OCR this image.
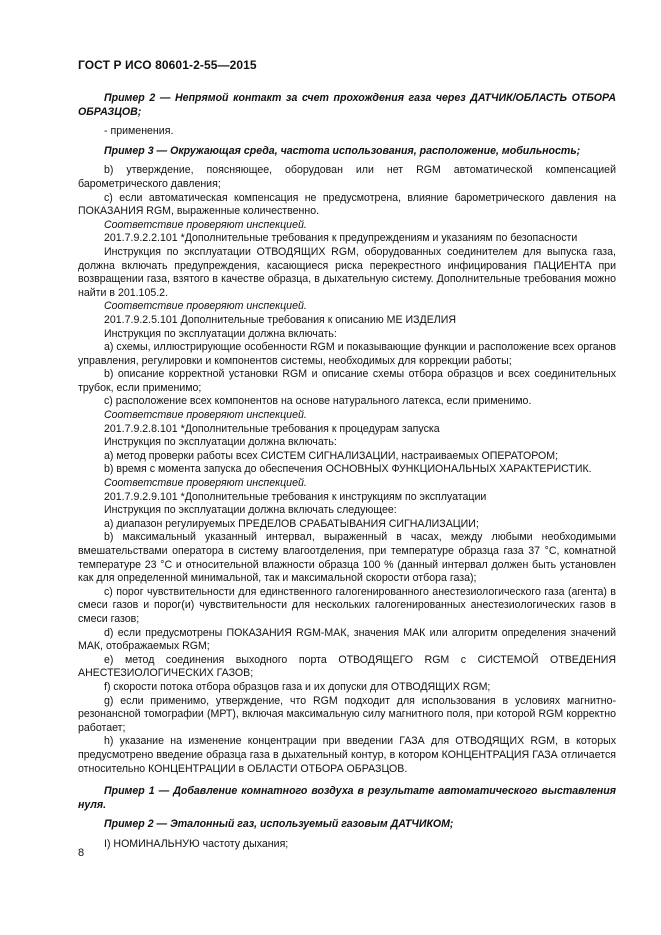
ГОСТ Р ИСО 80601-2-55—2015

Пример 2 — Непрямой контакт за счет прохождения газа через ДАТЧИК/ОБЛАСТЬ ОТБОРА ОБРАЗЦОВ;

- применения.

Пример 3 — Окружающая среда, частота использования, расположение, мобильность;

b) утверждение, поясняющее, оборудован или нет RGM автоматической компенсацией барометрического давления;

c) если автоматическая компенсация не предусмотрена, влияние барометрического давления на ПОКАЗАНИЯ RGM, выраженные количественно.

Соответствие проверяют инспекцией.

201.7.9.2.2.101 *Дополнительные требования к предупреждениям и указаниям по безопасности

Инструкция по эксплуатации ОТВОДЯЩИХ RGM, оборудованных соединителем для выпуска газа, должна включать предупреждения, касающиеся риска перекрестного инфицирования ПАЦИЕНТА при возвращении газа, взятого в качестве образца, в дыхательную систему. Дополнительные требования можно найти в 201.105.2.

Соответствие проверяют инспекцией.

201.7.9.2.5.101 Дополнительные требования к описанию МЕ ИЗДЕЛИЯ

Инструкция по эксплуатации должна включать:

a) схемы, иллюстрирующие особенности RGM и показывающие функции и расположение всех органов управления, регулировки и компонентов системы, необходимых для коррекции работы;

b) описание корректной установки RGM и описание схемы отбора образцов и всех соединительных трубок, если применимо;

c) расположение всех компонентов на основе натурального латекса, если применимо.

Соответствие проверяют инспекцией.

201.7.9.2.8.101 *Дополнительные требования к процедурам запуска

Инструкция по эксплуатации должна включать:

a) метод проверки работы всех СИСТЕМ СИГНАЛИЗАЦИИ, настраиваемых ОПЕРАТОРОМ;

b) время с момента запуска до обеспечения ОСНОВНЫХ ФУНКЦИОНАЛЬНЫХ ХАРАКТЕРИСТИК.

Соответствие проверяют инспекцией.

201.7.9.2.9.101 *Дополнительные требования к инструкциям по эксплуатации

Инструкция по эксплуатации должна включать следующее:

a) диапазон регулируемых ПРЕДЕЛОВ СРАБАТЫВАНИЯ СИГНАЛИЗАЦИИ;

b) максимальный указанный интервал, выраженный в часах, между любыми необходимыми вмешательствами оператора в систему влагоотделения, при температуре образца газа 37 °С, комнатной температуре 23 °С и относительной влажности образца 100 % (данный интервал должен быть установлен как для определенной минимальной, так и максимальной скорости отбора газа);

c) порог чувствительности для единственного галогенированного анестезиологического газа (агента) в смеси газов и порог(и) чувствительности для нескольких галогенированных анестезиологических газов в смеси газов;

d) если предусмотрены ПОКАЗАНИЯ RGM-МАК, значения МАК или алгоритм определения значений МАК, отображаемых RGM;

e) метод соединения выходного порта ОТВОДЯЩЕГО RGM с СИСТЕМОЙ ОТВЕДЕНИЯ АНЕСТЕЗИОЛОГИЧЕСКИХ ГАЗОВ;

f) скорости потока отбора образцов газа и их допуски для ОТВОДЯЩИХ RGM;

g) если применимо, утверждение, что RGM подходит для использования в условиях магнитно-резонансной томографии (МРТ), включая максимальную силу магнитного поля, при которой RGM корректно работает;

h) указание на изменение концентрации при введении ГАЗА для ОТВОДЯЩИХ RGM, в которых предусмотрено введение образца газа в дыхательный контур, в котором КОНЦЕНТРАЦИЯ ГАЗА отличается относительно КОНЦЕНТРАЦИИ в ОБЛАСТИ ОТБОРА ОБРАЗЦОВ.

Пример 1 — Добавление комнатного воздуха в результате автоматического выставления нуля.

Пример 2 — Эталонный газ, используемый газовым ДАТЧИКОМ;

I) НОМИНАЛЬНУЮ частоту дыхания;

8
